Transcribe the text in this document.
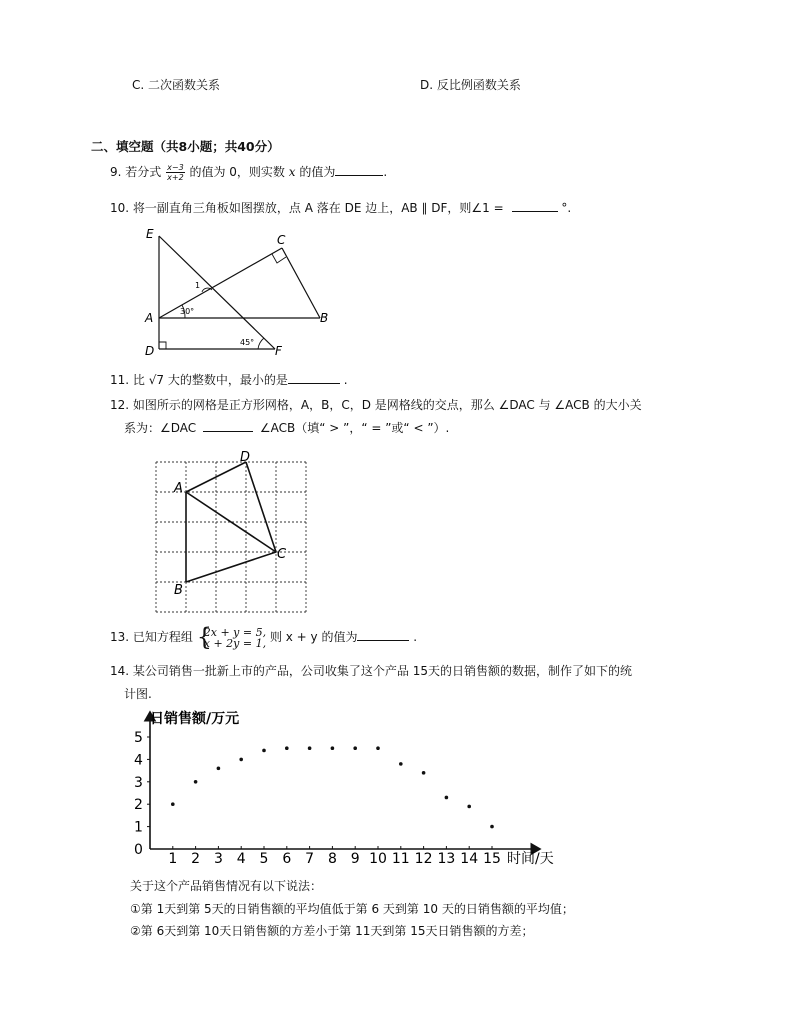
C. 二次函数关系	D. 反比例函数关系
二、填空题（共8小题；共40分）
9. 若分式 $\frac{x-3}{x+2}$ 的值为 0，则实数 x 的值为	.
10. 将一副直角三角板如图摆放，点 A 落在 DE 边上，AB ∥ DF，则∠1 =	°.
E	C
A	B
D	F
1
30°
45°
11. 比 √7 大的整数中，最小的是	.
12. 如图所示的网格是正方形网格，A，B，C，D 是网格线的交点，那么 ∠DAC 与 ∠ACB 的大小关
系为：∠DAC	∠ACB（填“ > ”，“ = ”或“ < ”）.
A
B
C
D
13. 已知方程组 {
2x + y = 5,
x + 2y = 1, 则 x + y 的值为	.
14. 某公司销售一批新上市的产品，公司收集了这个产品 15天的日销售额的数据，制作了如下的统
计图.
1
2
3
4
5
1 2 3 4 5 6 7 8 9 10 11 12 13 14 15
日销售额/万元
时间/天
0
关于这个产品销售情况有以下说法：
①第 1天到第 5天的日销售额的平均值低于第 6 天到第 10 天的日销售额的平均值；
②第 6天到第 10天日销售额的方差小于第 11天到第 15天日销售额的方差；
